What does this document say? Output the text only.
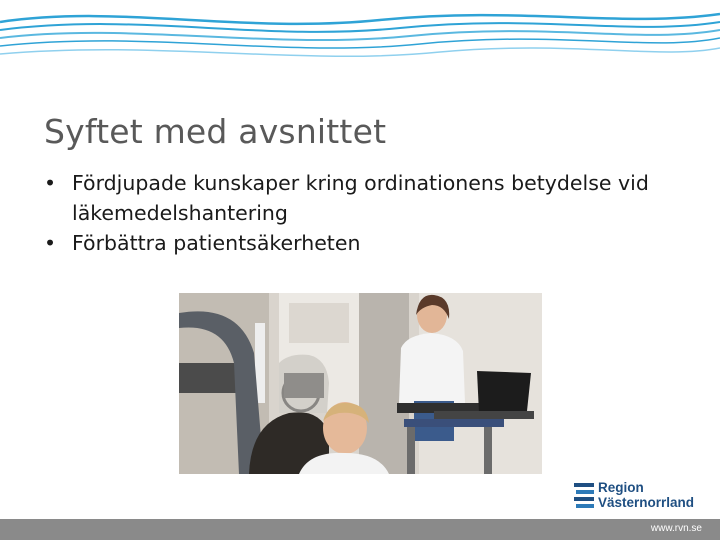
Syftet med avsnittet
• Fördjupade kunskaper kring ordinationens betydelse vid läkemedelshantering
• Förbättra patientsäkerheten
Region
Västernorrland
www.rvn.se
